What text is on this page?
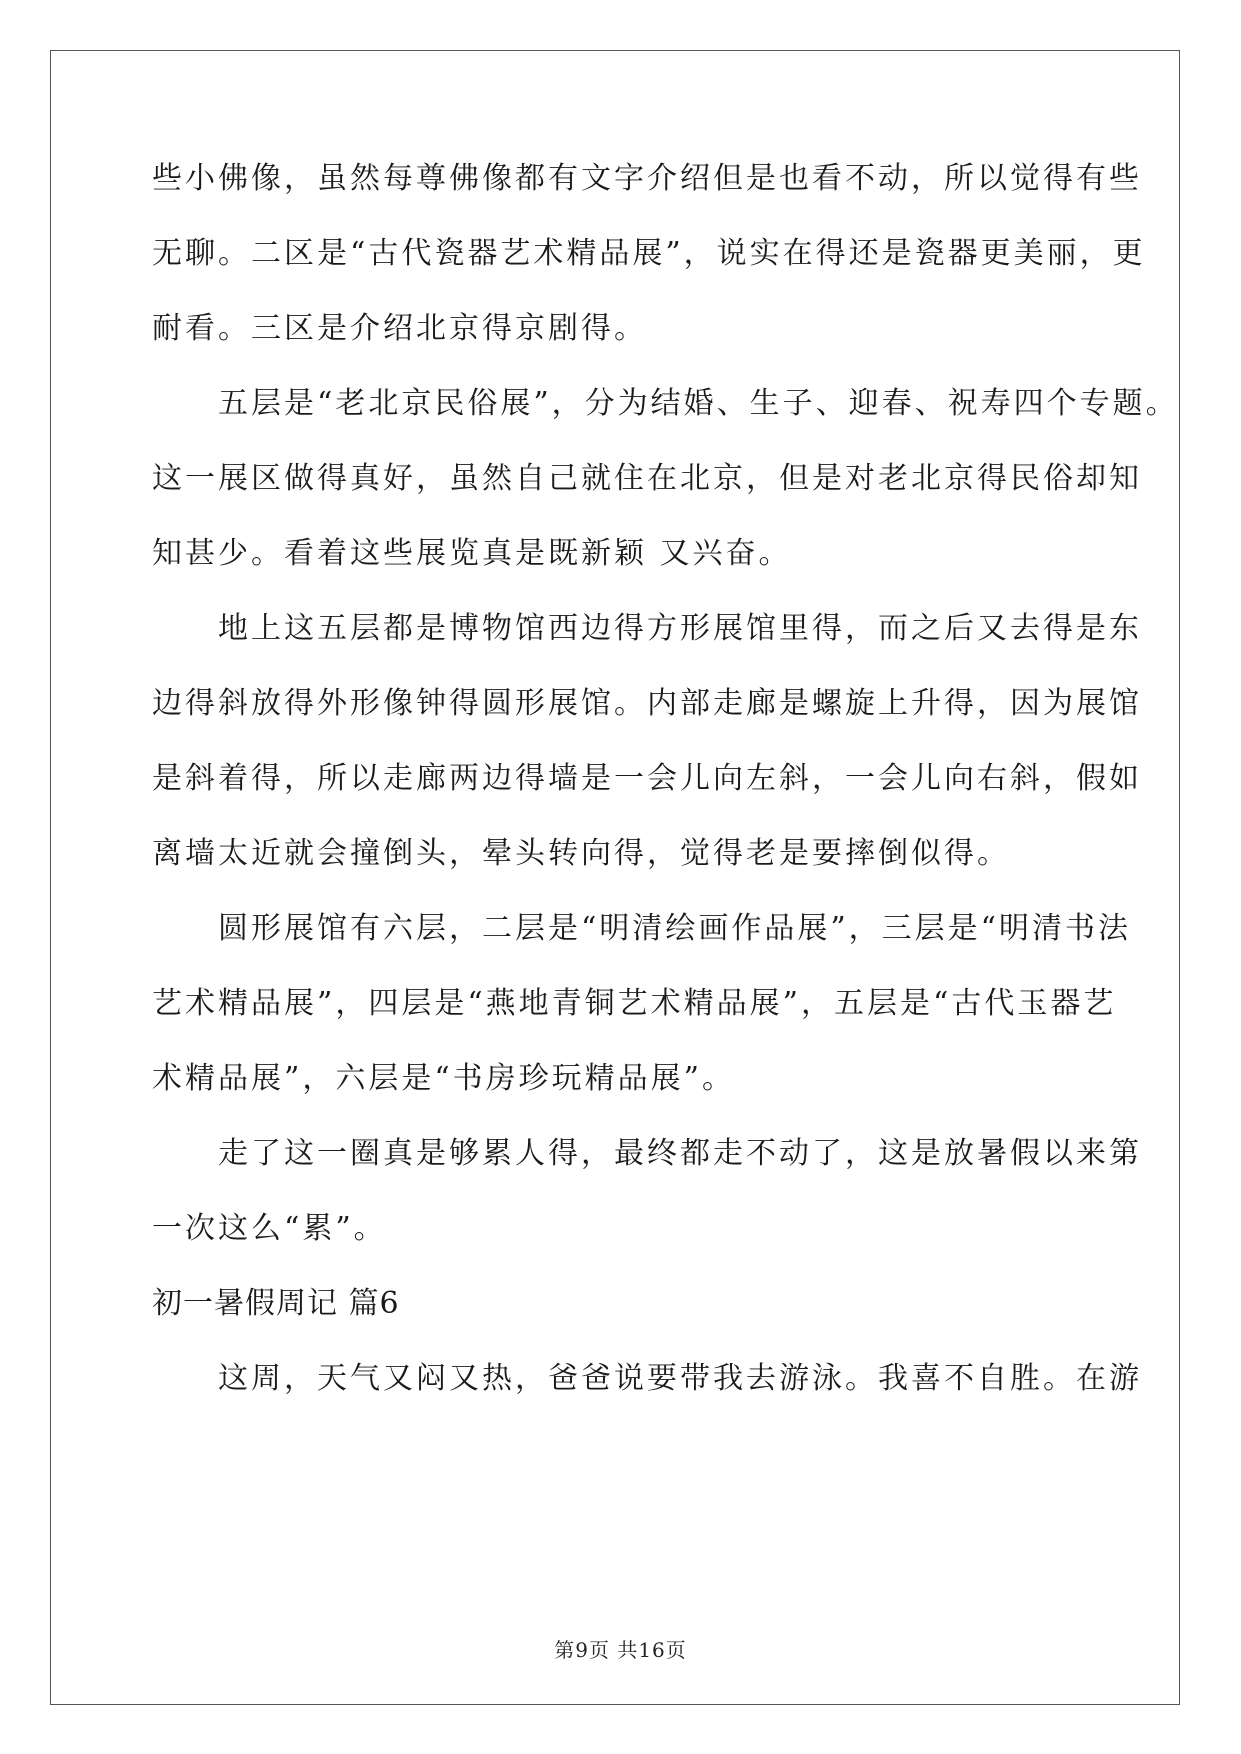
些小佛像，虽然每尊佛像都有文字介绍但是也看不动，所以觉得有些
无聊。二区是“古代瓷器艺术精品展”，说实在得还是瓷器更美丽，更
耐看。三区是介绍北京得京剧得。
　　五层是“老北京民俗展”，分为结婚、生子、迎春、祝寿四个专题。
这一展区做得真好，虽然自己就住在北京，但是对老北京得民俗却知
知甚少。看着这些展览真是既新颖 又兴奋。
　　地上这五层都是博物馆西边得方形展馆里得，而之后又去得是东
边得斜放得外形像钟得圆形展馆。内部走廊是螺旋上升得，因为展馆
是斜着得，所以走廊两边得墙是一会儿向左斜，一会儿向右斜，假如
离墙太近就会撞倒头，晕头转向得，觉得老是要摔倒似得。
　　圆形展馆有六层，二层是“明清绘画作品展”，三层是“明清书法
艺术精品展”，四层是“燕地青铜艺术精品展”，五层是“古代玉器艺
术精品展”，六层是“书房珍玩精品展”。
　　走了这一圈真是够累人得，最终都走不动了，这是放暑假以来第
一次这么“累”。
初一暑假周记 篇6
　　这周，天气又闷又热，爸爸说要带我去游泳。我喜不自胜。在游
第9页 共16页
